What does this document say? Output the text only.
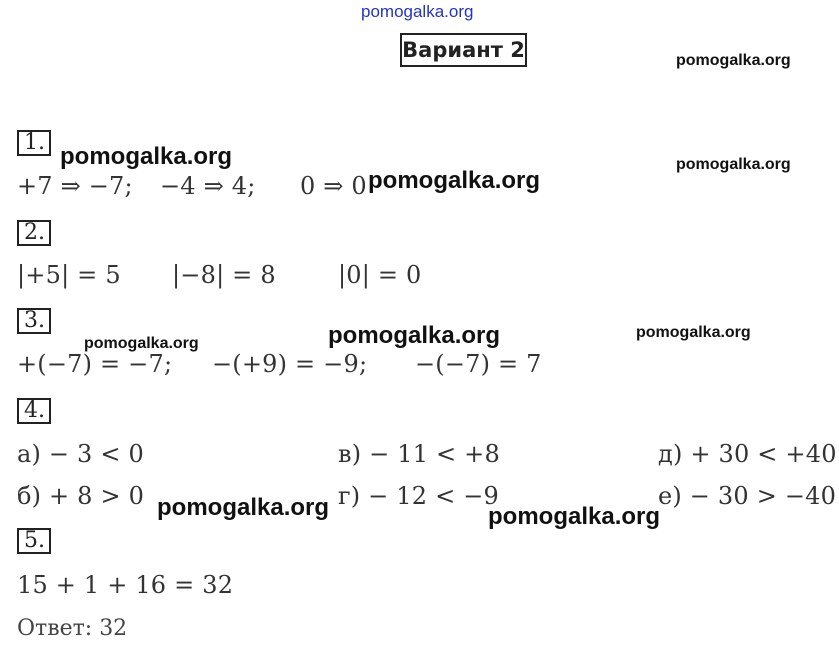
pomogalka.org
Вариант 2
1.
+7 ⇒ −7; −4 ⇒ 4; 0 ⇒ 0
2.
|+5| = 5 |−8| = 8	|0| = 0
3.
+(−7) = −7; −(+9) = −9; −(−7) = 7
4.
а) − 3 < 0	в) − 11 < +8	д) + 30 < +40
б) + 8 > 0	г) − 12 < −9	е) − 30 > −40
5.
15 + 1 + 16 = 32
Ответ: 32
pomogalka.org
pomogalka.org	pomogalka.org
pomogalka.org
pomogalka.org	pomogalka.org
pomogalka.org
pomogalka.org	pomogalka.org
